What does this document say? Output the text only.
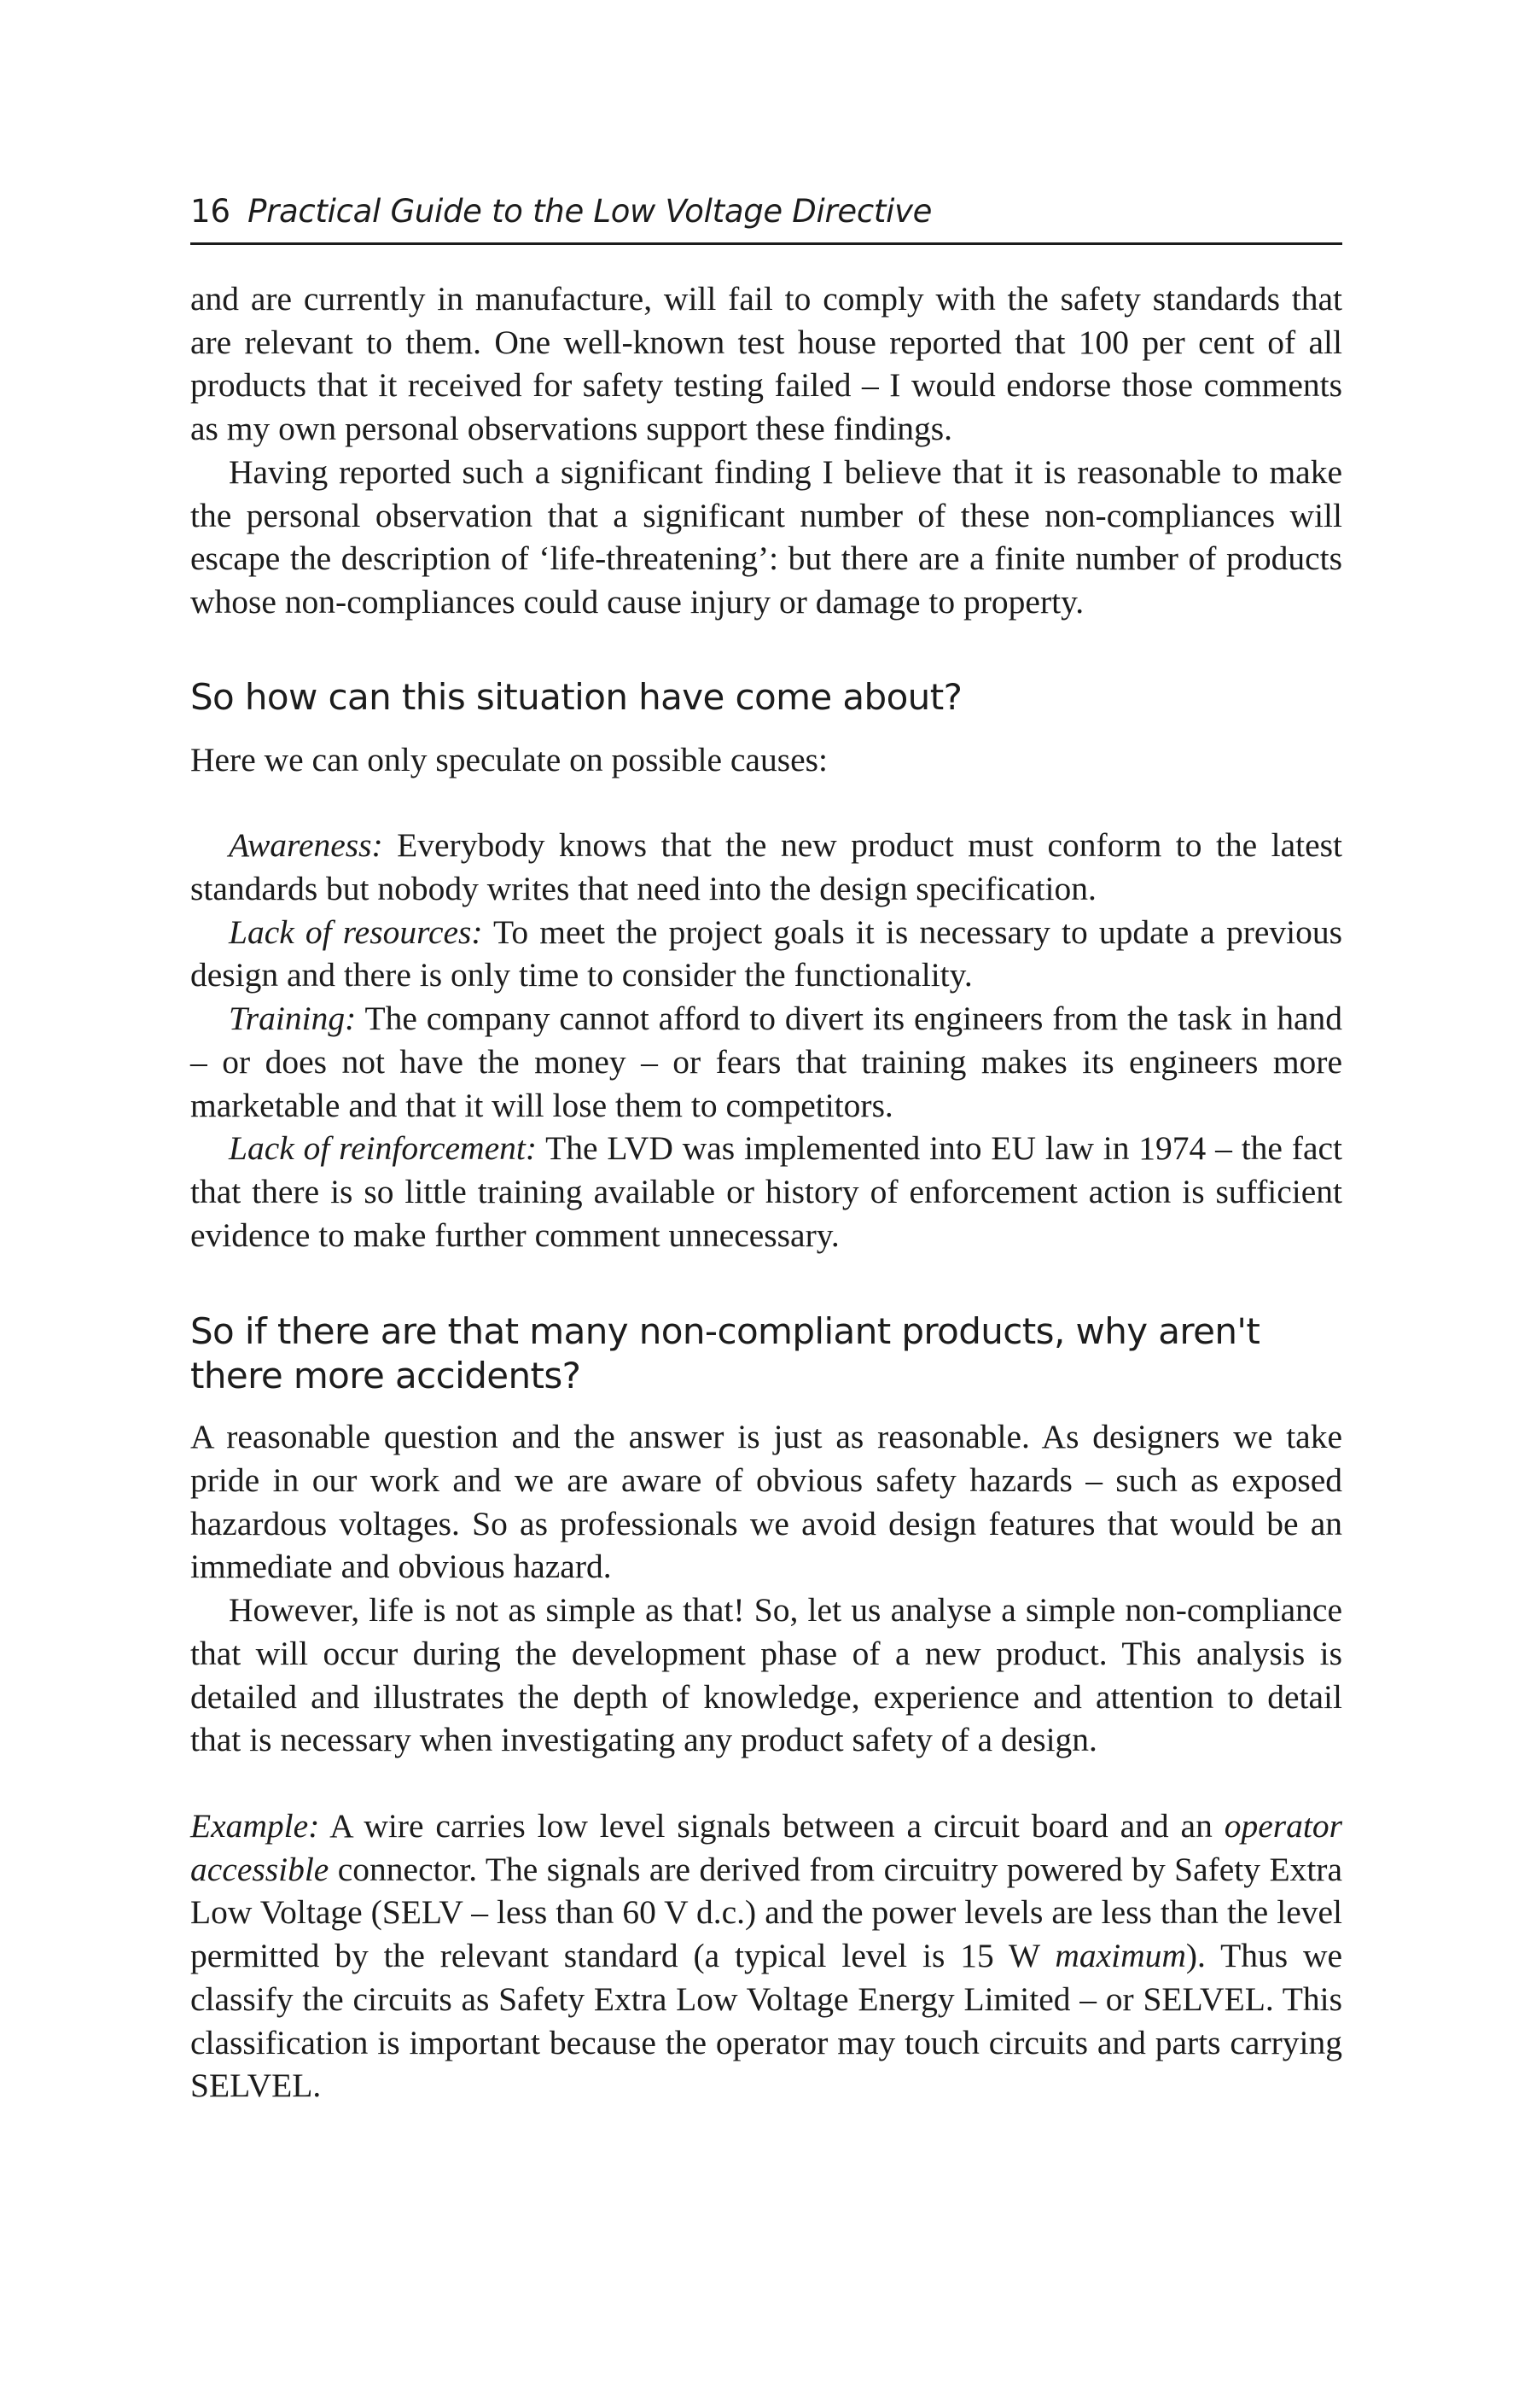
16 Practical Guide to the Low Voltage Directive

and are currently in manufacture, will fail to comply with the safety standards that are relevant to them. One well-known test house reported that 100 per cent of all products that it received for safety testing failed – I would endorse those comments as my own personal observations support these findings.

Having reported such a significant finding I believe that it is reasonable to make the personal observation that a significant number of these non-compliances will escape the description of ‘life-threatening’: but there are a finite number of products whose non-compliances could cause injury or damage to property.

So how can this situation have come about?

Here we can only speculate on possible causes:

Awareness: Everybody knows that the new product must conform to the latest standards but nobody writes that need into the design specification.

Lack of resources: To meet the project goals it is necessary to update a previous design and there is only time to consider the functionality.

Training: The company cannot afford to divert its engineers from the task in hand – or does not have the money – or fears that training makes its engineers more marketable and that it will lose them to competitors.

Lack of reinforcement: The LVD was implemented into EU law in 1974 – the fact that there is so little training available or history of enforcement action is sufficient evidence to make further comment unnecessary.

So if there are that many non-compliant products, why aren't there more accidents?

A reasonable question and the answer is just as reasonable. As designers we take pride in our work and we are aware of obvious safety hazards – such as exposed hazardous voltages. So as professionals we avoid design features that would be an immediate and obvious hazard.

However, life is not as simple as that! So, let us analyse a simple non-compliance that will occur during the development phase of a new product. This analysis is detailed and illustrates the depth of knowledge, experience and attention to detail that is necessary when investigating any product safety of a design.

Example: A wire carries low level signals between a circuit board and an operator accessible connector. The signals are derived from circuitry powered by Safety Extra Low Voltage (SELV – less than 60 V d.c.) and the power levels are less than the level permitted by the relevant standard (a typical level is 15 W maximum). Thus we classify the circuits as Safety Extra Low Voltage Energy Limited – or SELVEL. This classification is important because the operator may touch circuits and parts carrying SELVEL.
